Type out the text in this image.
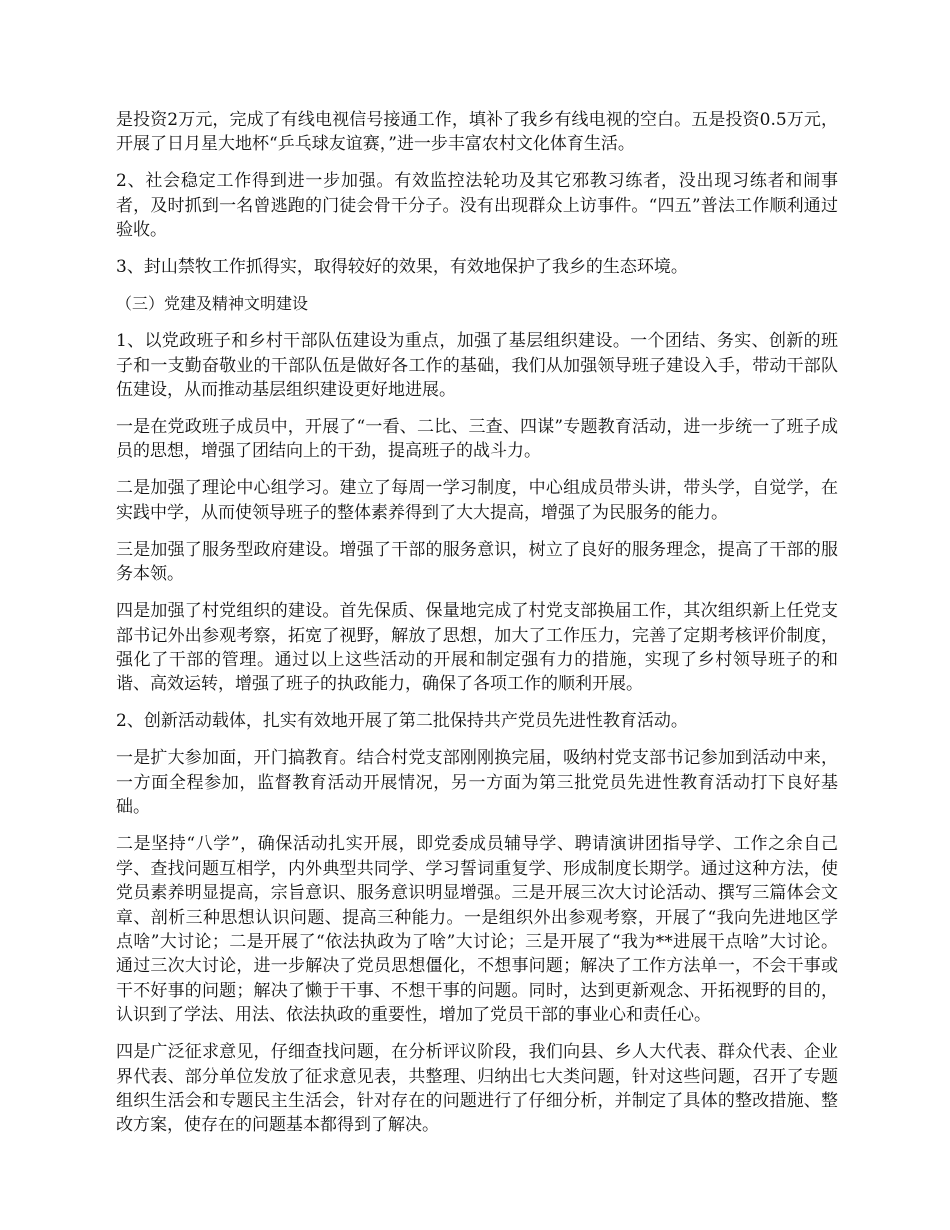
是投资2万元，完成了有线电视信号接通工作，填补了我乡有线电视的空白。五是投资0.5万元，开展了日月星大地杯“乒乓球友谊赛，”进一步丰富农村文化体育生活。

2、社会稳定工作得到进一步加强。有效监控法轮功及其它邪教习练者，没出现习练者和闹事者，及时抓到一名曾逃跑的门徒会骨干分子。没有出现群众上访事件。“四五”普法工作顺利通过验收。

3、封山禁牧工作抓得实，取得较好的效果，有效地保护了我乡的生态环境。

（三）党建及精神文明建设

1、以党政班子和乡村干部队伍建设为重点，加强了基层组织建设。一个团结、务实、创新的班子和一支勤奋敬业的干部队伍是做好各工作的基础，我们从加强领导班子建设入手，带动干部队伍建设，从而推动基层组织建设更好地进展。

一是在党政班子成员中，开展了“一看、二比、三查、四谋”专题教育活动，进一步统一了班子成员的思想，增强了团结向上的干劲，提高班子的战斗力。

二是加强了理论中心组学习。建立了每周一学习制度，中心组成员带头讲，带头学，自觉学，在实践中学，从而使领导班子的整体素养得到了大大提高，增强了为民服务的能力。

三是加强了服务型政府建设。增强了干部的服务意识，树立了良好的服务理念，提高了干部的服务本领。

四是加强了村党组织的建设。首先保质、保量地完成了村党支部换届工作，其次组织新上任党支部书记外出参观考察，拓宽了视野，解放了思想，加大了工作压力，完善了定期考核评价制度，强化了干部的管理。通过以上这些活动的开展和制定强有力的措施，实现了乡村领导班子的和谐、高效运转，增强了班子的执政能力，确保了各项工作的顺利开展。

2、创新活动载体，扎实有效地开展了第二批保持共产党员先进性教育活动。

一是扩大参加面，开门搞教育。结合村党支部刚刚换完届，吸纳村党支部书记参加到活动中来，一方面全程参加，监督教育活动开展情况，另一方面为第三批党员先进性教育活动打下良好基础。

二是坚持“八学”，确保活动扎实开展，即党委成员辅导学、聘请演讲团指导学、工作之余自己学、查找问题互相学，内外典型共同学、学习誓词重复学、形成制度长期学。通过这种方法，使党员素养明显提高，宗旨意识、服务意识明显增强。三是开展三次大讨论活动、撰写三篇体会文章、剖析三种思想认识问题、提高三种能力。一是组织外出参观考察，开展了“我向先进地区学点啥”大讨论；二是开展了“依法执政为了啥”大讨论；三是开展了“我为**进展干点啥”大讨论。通过三次大讨论，进一步解决了党员思想僵化，不想事问题；解决了工作方法单一，不会干事或干不好事的问题；解决了懒于干事、不想干事的问题。同时，达到更新观念、开拓视野的目的，认识到了学法、用法、依法执政的重要性，增加了党员干部的事业心和责任心。

四是广泛征求意见，仔细查找问题，在分析评议阶段，我们向县、乡人大代表、群众代表、企业界代表、部分单位发放了征求意见表，共整理、归纳出七大类问题，针对这些问题，召开了专题组织生活会和专题民主生活会，针对存在的问题进行了仔细分析，并制定了具体的整改措施、整改方案，使存在的问题基本都得到了解决。
